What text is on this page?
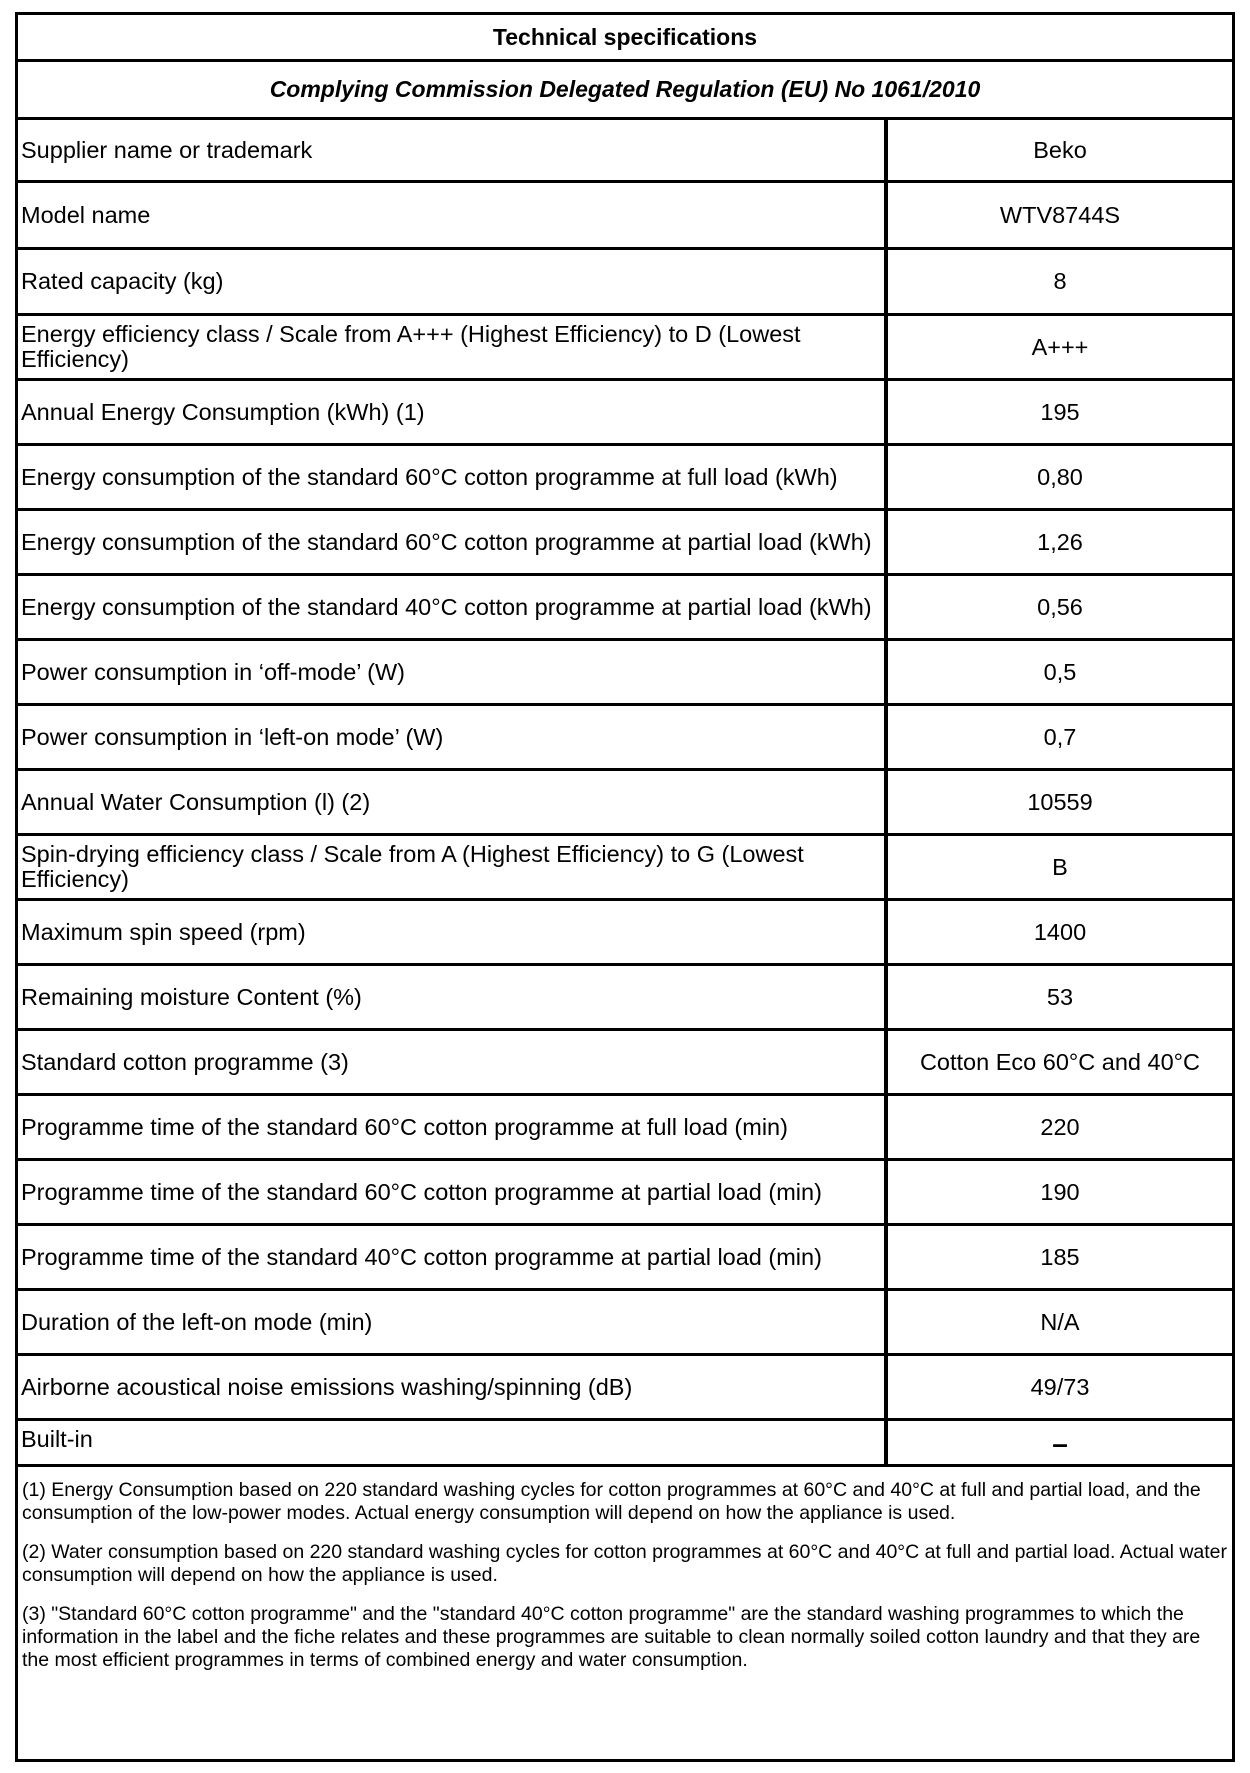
Technical specifications
Complying Commission Delegated Regulation (EU) No 1061/2010
Supplier name or trademark	Beko
Model name	WTV8744S
Rated capacity (kg)	8
Energy efficiency class / Scale from A+++ (Highest Efficiency) to D (Lowest Efficiency)	A+++
Annual Energy Consumption (kWh) (1)	195
Energy consumption of the standard 60°C cotton programme at full load (kWh)	0,80
Energy consumption of the standard 60°C cotton programme at partial load (kWh)	1,26
Energy consumption of the standard 40°C cotton programme at partial load (kWh)	0,56
Power consumption in ‘off-mode’ (W)	0,5
Power consumption in ‘left-on mode’ (W)	0,7
Annual Water Consumption (l) (2)	10559
Spin-drying efficiency class / Scale from A (Highest Efficiency) to G (Lowest Efficiency)	B
Maximum spin speed (rpm)	1400
Remaining moisture Content (%)	53
Standard cotton programme (3)	Cotton Eco 60°C and 40°C
Programme time of the standard 60°C cotton programme at full load (min)	220
Programme time of the standard 60°C cotton programme at partial load (min)	190
Programme time of the standard 40°C cotton programme at partial load (min)	185
Duration of the left-on mode (min)	N/A
Airborne acoustical noise emissions washing/spinning (dB)	49/73
Built-in	–

(1) Energy Consumption based on 220 standard washing cycles for cotton programmes at 60°C and 40°C at full and partial load, and the consumption of the low-power modes. Actual energy consumption will depend on how the appliance is used.

(2) Water consumption based on 220 standard washing cycles for cotton programmes at 60°C and 40°C at full and partial load. Actual water consumption will depend on how the appliance is used.

(3) "Standard 60°C cotton programme" and the "standard 40°C cotton programme" are the standard washing programmes to which the information in the label and the fiche relates and these programmes are suitable to clean normally soiled cotton laundry and that they are the most efficient programmes in terms of combined energy and water consumption.
